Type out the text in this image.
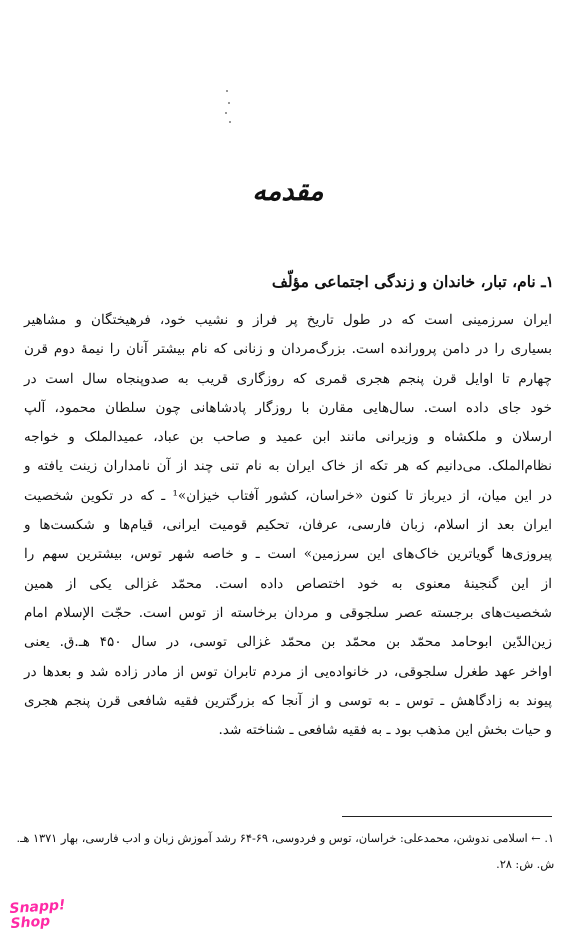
مقدمه
۱ـ نام، تبار، خاندان و زندگی اجتماعی مؤلّف
ایران سرزمینی است که در طول تاریخ پر فراز و نشیب خود، فرهیختگان و مشاهیر
بسیاری را در دامن پرورانده است. بزرگ‌مردان و زنانی که نام بیشتر آنان را نیمهٔ دوم قرن
چهارم تا اوایل قرن پنجم هجری قمری که روزگاری قریب به صدوپنجاه سال است در
خود جای داده است. سال‌هایی مقارن با روزگار پادشاهانی چون سلطان محمود، آلپ
ارسلان و ملکشاه و وزیرانی مانند ابن عمید و صاحب بن عباد، عمیدالملک و خواجه
نظام‌الملک. می‌دانیم که هر تکه از خاک ایران به نام تنی چند از آن نامداران زینت یافته و
در این میان، از دیرباز تا کنون «خراسان، کشور آفتاب خیزان»¹ ـ که در تکوین شخصیت
ایران بعد از اسلام، زبان فارسی، عرفان، تحکیم قومیت ایرانی، قیام‌ها و شکست‌ها و
پیروزی‌ها گویاترین خاک‌های این سرزمین» است ـ و خاصه شهر توس، بیشترین سهم را
از این گنجینهٔ معنوی به خود اختصاص داده است. محمّد غزالی یکی از همین
شخصیت‌های برجسته عصر سلجوقی و مردان برخاسته از توس است. حجّت الإسلام امام
زین‌الدّین ابوحامد محمّد بن محمّد بن محمّد غزالی توسی، در سال ۴۵۰ هـ.ق. یعنی
اواخر عهد طغرل سلجوقی، در خانواده‌یی از مردم تابران توس از مادر زاده شد و بعدها در
پیوند به زادگاهش ـ توس ـ به توسی و از آنجا که بزرگترین فقیه شافعی قرن پنجم هجری
و حیات بخش این مذهب بود ـ به فقیه شافعی ـ شناخته شد.
۱. ← اسلامی ندوشن، محمدعلی: خراسان، توس و فردوسی، ۶۹-۶۴ رشد آموزش زبان و ادب فارسی، بهار ۱۳۷۱ هـ.
ش. ش: ۲۸.
Snapp! Shop
